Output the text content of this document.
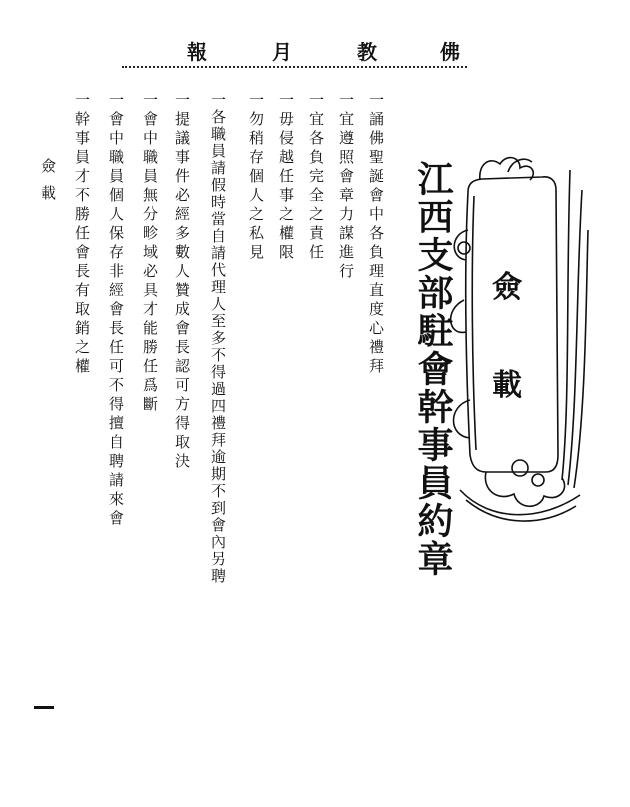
佛
教
月
報
僉
載
江西支部駐會幹事員約章
一誦佛聖誕會中各負理直度心禮拜
一宜遵照會章力謀進行
一宜各負完全之責任
一毋侵越任事之權限
一勿稍存個人之私見
一各職員請假時當自請代理人至多不得過四禮拜逾期不到會內另聘
一提議事件必經多數人贊成會長認可方得取決
一會中職員無分畛域必具才能勝任爲斷
一會中職員個人保存非經會長任可不得擅自聘請來會
一幹事員才不勝任會長有取銷之權
僉載
